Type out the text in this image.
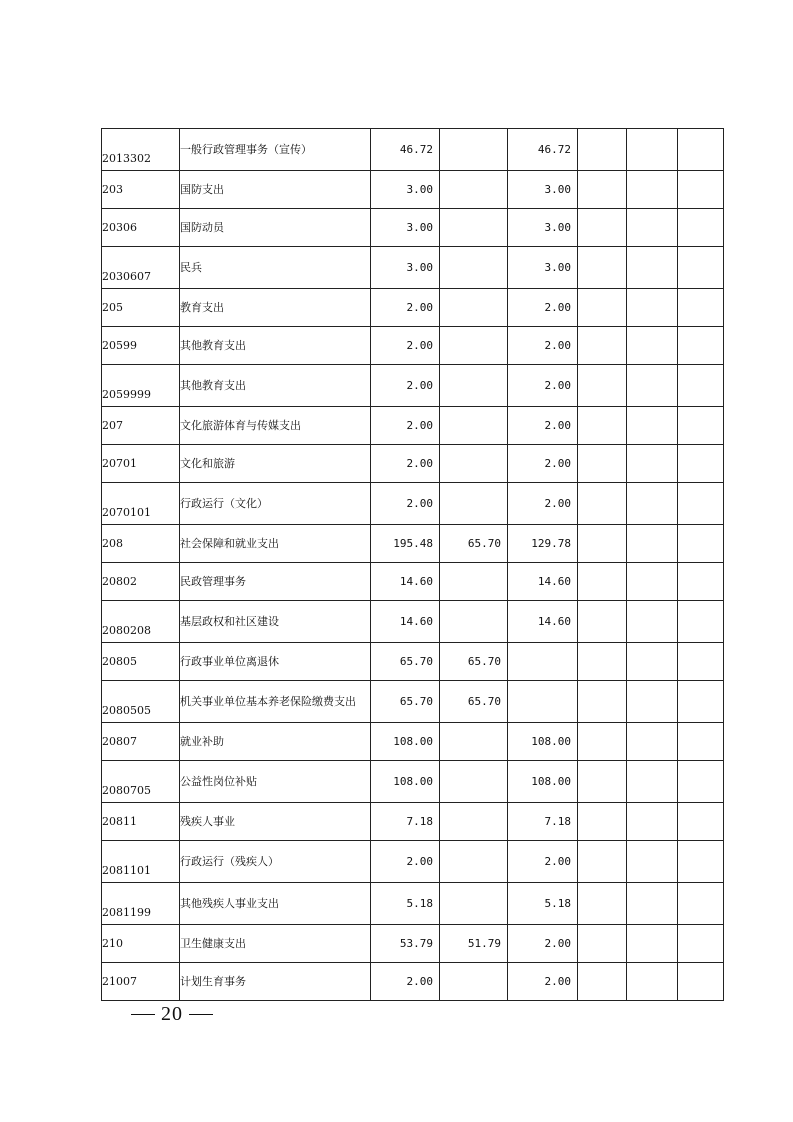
2013302	一般行政管理事务（宣传）	46.72		46.72			
203	国防支出	3.00		3.00			
20306	国防动员	3.00		3.00			
2030607	民兵	3.00		3.00			
205	教育支出	2.00		2.00			
20599	其他教育支出	2.00		2.00			
2059999	其他教育支出	2.00		2.00			
207	文化旅游体育与传媒支出	2.00		2.00			
20701	文化和旅游	2.00		2.00			
2070101	行政运行（文化）	2.00		2.00			
208	社会保障和就业支出	195.48	65.70	129.78			
20802	民政管理事务	14.60		14.60			
2080208	基层政权和社区建设	14.60		14.60			
20805	行政事业单位离退休	65.70	65.70				
2080505	机关事业单位基本养老保险缴费支出	65.70	65.70				
20807	就业补助	108.00		108.00			
2080705	公益性岗位补贴	108.00		108.00			
20811	残疾人事业	7.18		7.18			
2081101	行政运行（残疾人）	2.00		2.00			
2081199	其他残疾人事业支出	5.18		5.18			
210	卫生健康支出	53.79	51.79	2.00			
21007	计划生育事务	2.00		2.00			
20
